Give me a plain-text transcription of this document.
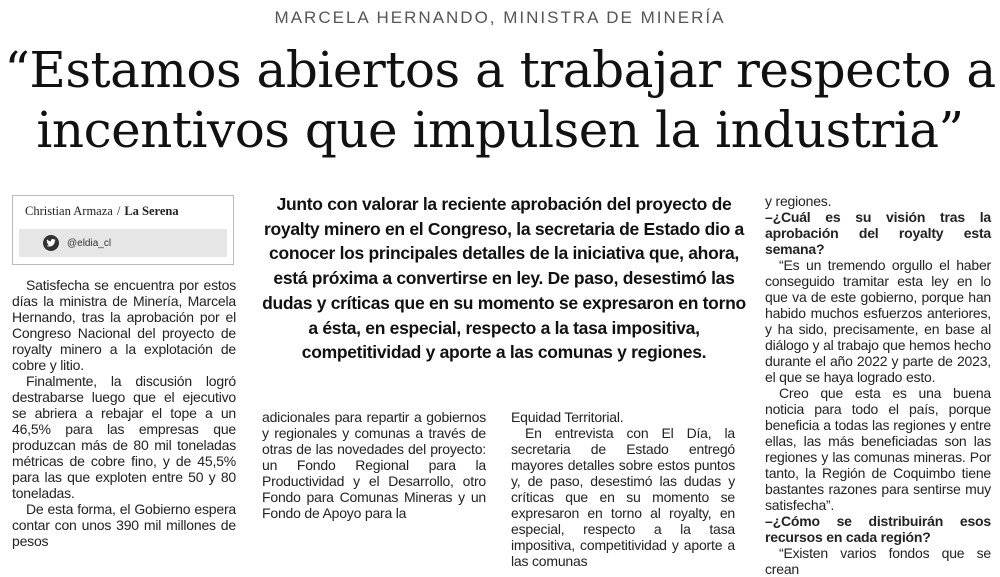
MARCELA HERNANDO, MINISTRA DE MINERÍA
“Estamos abiertos a trabajar respecto a
incentivos que impulsen la industria”
Christian Armaza / La Serena
@eldia_cl
Junto con valorar la reciente aprobación del proyecto de royalty minero en el Congreso, la secretaria de Estado dio a conocer los principales detalles de la iniciativa que, ahora, está próxima a convertirse en ley. De paso, desestimó las dudas y críticas que en su momento se expresaron en torno a ésta, en especial, respecto a la tasa impositiva, competitividad y aporte a las comunas y regiones.

Satisfecha se encuentra por estos días la ministra de Minería, Marcela Hernando, tras la aprobación por el Congreso Nacional del proyecto de royalty minero a la explotación de cobre y litio.

Finalmente, la discusión logró destrabarse luego que el ejecutivo se abriera a rebajar el tope a un 46,5% para las empresas que produzcan más de 80 mil toneladas métricas de cobre fino, y de 45,5% para las que exploten entre 50 y 80 toneladas.

De esta forma, el Gobierno espera contar con unos 390 mil millones de pesos

adicionales para repartir a gobiernos y regionales y comunas a través de otras de las novedades del proyecto: un Fondo Regional para la Productividad y el Desarrollo, otro Fondo para Comunas Mineras y un Fondo de Apoyo para la

Equidad Territorial.

En entrevista con El Día, la secretaria de Estado entregó mayores detalles sobre estos puntos y, de paso, desestimó las dudas y críticas que en su momento se expresaron en torno al royalty, en especial, respecto a la tasa impositiva, competitividad y aporte a las comunas

y regiones.

–¿Cuál es su visión tras la aprobación del royalty esta semana?

“Es un tremendo orgullo el haber conseguido tramitar esta ley en lo que va de este gobierno, porque han habido muchos esfuerzos anteriores, y ha sido, precisamente, en base al diálogo y al trabajo que hemos hecho durante el año 2022 y parte de 2023, el que se haya logrado esto.

Creo que esta es una buena noticia para todo el país, porque beneficia a todas las regiones y entre ellas, las más beneficiadas son las regiones y las comunas mineras. Por tanto, la Región de Coquimbo tiene bastantes razones para sentirse muy satisfecha”.

–¿Cómo se distribuirán esos recursos en cada región?

“Existen varios fondos que se crean
